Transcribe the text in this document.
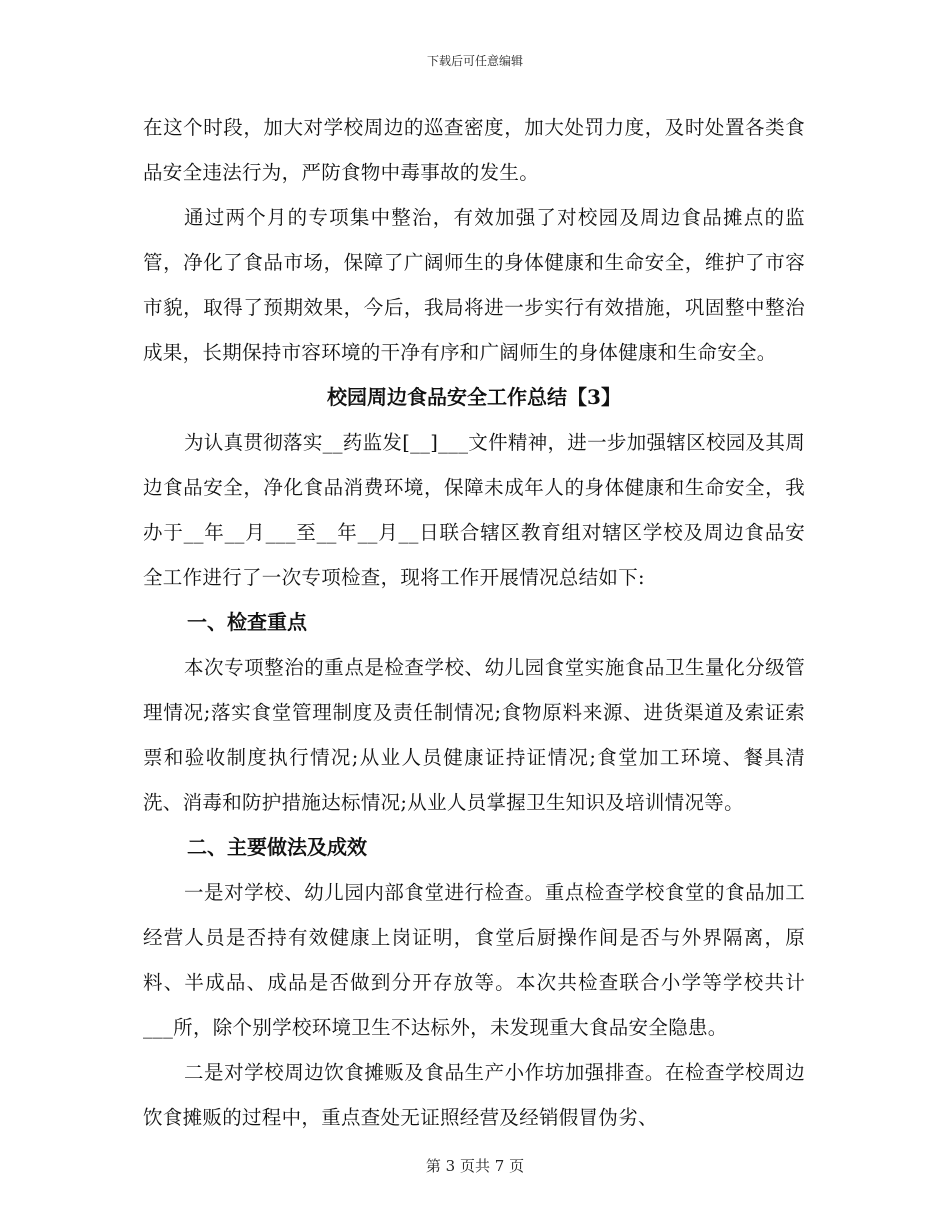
下载后可任意编辑

在这个时段，加大对学校周边的巡查密度，加大处罚力度，及时处置各类食品安全违法行为，严防食物中毒事故的发生。

通过两个月的专项集中整治，有效加强了对校园及周边食品摊点的监管，净化了食品市场，保障了广阔师生的身体健康和生命安全，维护了市容市貌，取得了预期效果，今后，我局将进一步实行有效措施，巩固整中整治成果，长期保持市容环境的干净有序和广阔师生的身体健康和生命安全。

校园周边食品安全工作总结【3】

为认真贯彻落实__药监发[__]___文件精神，进一步加强辖区校园及其周边食品安全，净化食品消费环境，保障未成年人的身体健康和生命安全，我办于__年__月___至__年__月__日联合辖区教育组对辖区学校及周边食品安全工作进行了一次专项检查，现将工作开展情况总结如下:

一、检查重点

本次专项整治的重点是检查学校、幼儿园食堂实施食品卫生量化分级管理情况;落实食堂管理制度及责任制情况;食物原料来源、进货渠道及索证索票和验收制度执行情况;从业人员健康证持证情况;食堂加工环境、餐具清洗、消毒和防护措施达标情况;从业人员掌握卫生知识及培训情况等。

二、主要做法及成效

一是对学校、幼儿园内部食堂进行检查。重点检查学校食堂的食品加工经营人员是否持有效健康上岗证明，食堂后厨操作间是否与外界隔离，原料、半成品、成品是否做到分开存放等。本次共检查联合小学等学校共计___所，除个别学校环境卫生不达标外，未发现重大食品安全隐患。

二是对学校周边饮食摊贩及食品生产小作坊加强排查。在检查学校周边饮食摊贩的过程中，重点查处无证照经营及经销假冒伪劣、

第 3 页共 7 页
